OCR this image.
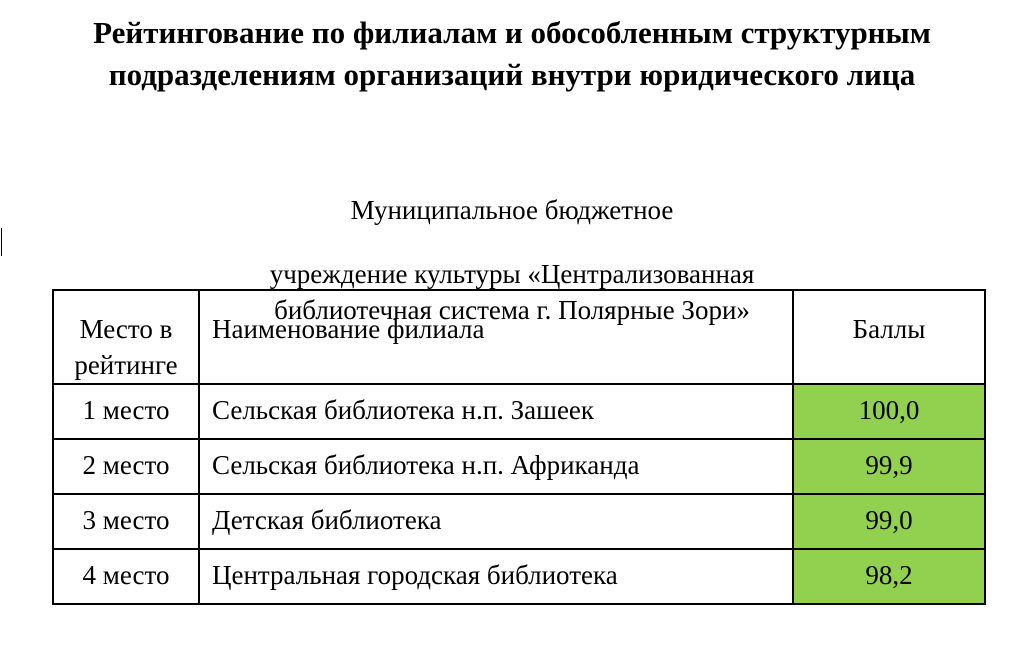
Рейтингование по филиалам и обособленным структурным
подразделениям организаций внутри юридического лица

Муниципальное бюджетное
учреждение культуры «Централизованная
библиотечная система г. Полярные Зори»

Место в рейтинге	Наименование филиала	Баллы
1 место	Сельская библиотека н.п. Зашеек	100,0
2 место	Сельская библиотека н.п. Африканда	99,9
3 место	Детская библиотека	99,0
4 место	Центральная городская библиотека	98,2
